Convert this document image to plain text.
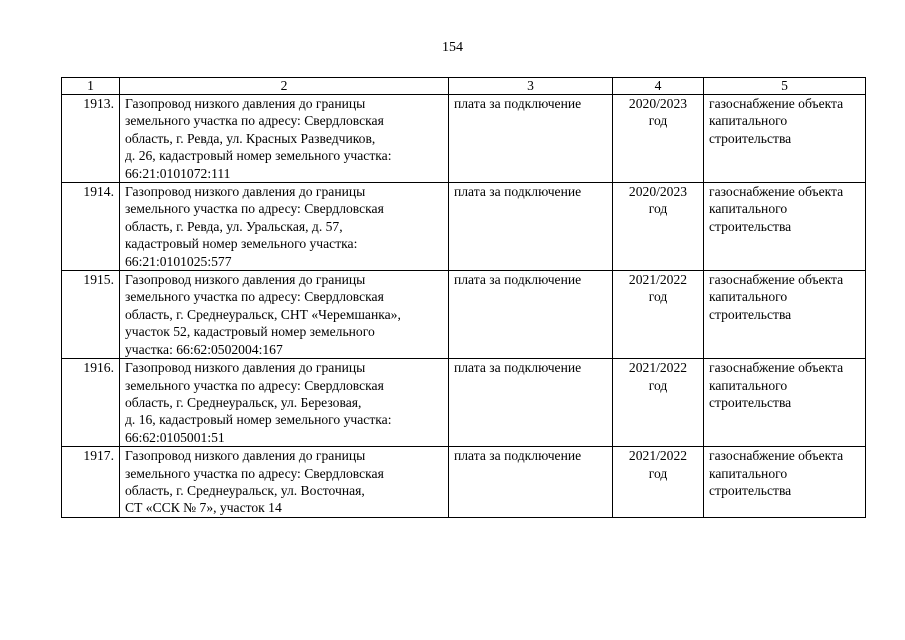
154
1	2	3	4	5
1913.	Газопровод низкого давления до границы
земельного участка по адресу: Свердловская
область, г. Ревда, ул. Красных Разведчиков,
д. 26, кадастровый номер земельного участка:
66:21:0101072:111	плата за подключение	2020/2023
год	газоснабжение объекта
капитального
строительства

1914.	Газопровод низкого давления до границы
земельного участка по адресу: Свердловская
область, г. Ревда, ул. Уральская, д. 57,
кадастровый номер земельного участка:
66:21:0101025:577	плата за подключение	2020/2023
год	газоснабжение объекта
капитального
строительства

1915.	Газопровод низкого давления до границы
земельного участка по адресу: Свердловская
область, г. Среднеуральск, СНТ «Черемшанка»,
участок 52, кадастровый номер земельного
участка: 66:62:0502004:167	плата за подключение	2021/2022
год	газоснабжение объекта
капитального
строительства

1916.	Газопровод низкого давления до границы
земельного участка по адресу: Свердловская
область, г. Среднеуральск, ул. Березовая,
д. 16, кадастровый номер земельного участка:
66:62:0105001:51	плата за подключение	2021/2022
год	газоснабжение объекта
капитального
строительства

1917.	Газопровод низкого давления до границы
земельного участка по адресу: Свердловская
область, г. Среднеуральск, ул. Восточная,
СТ «ССК № 7», участок 14	плата за подключение	2021/2022
год	газоснабжение объекта
капитального
строительства
